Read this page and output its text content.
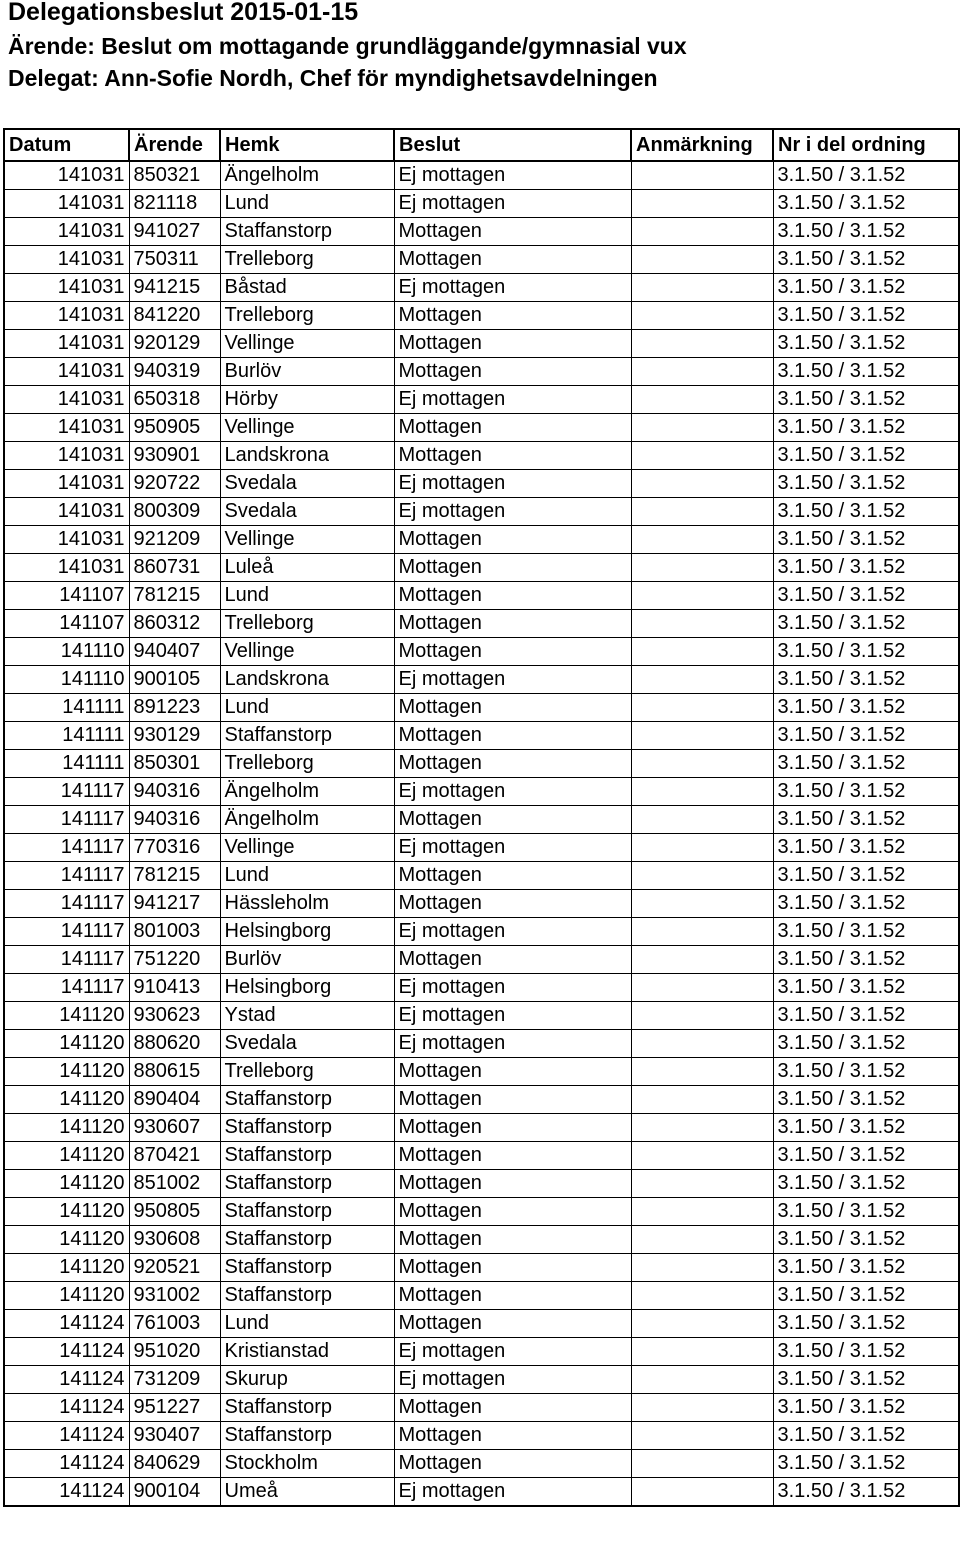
Delegationsbeslut 2015-01-15
Ärende: Beslut om mottagande grundläggande/gymnasial vux
Delegat: Ann-Sofie Nordh, Chef för myndighetsavdelningen
Datum	Ärende	Hemk	Beslut	Anmärkning	Nr i del ordning
141031	850321	Ängelholm	Ej mottagen		3.1.50 / 3.1.52
141031	821118	Lund	Ej mottagen		3.1.50 / 3.1.52
141031	941027	Staffanstorp	Mottagen		3.1.50 / 3.1.52
141031	750311	Trelleborg	Mottagen		3.1.50 / 3.1.52
141031	941215	Båstad	Ej mottagen		3.1.50 / 3.1.52
141031	841220	Trelleborg	Mottagen		3.1.50 / 3.1.52
141031	920129	Vellinge	Mottagen		3.1.50 / 3.1.52
141031	940319	Burlöv	Mottagen		3.1.50 / 3.1.52
141031	650318	Hörby	Ej mottagen		3.1.50 / 3.1.52
141031	950905	Vellinge	Mottagen		3.1.50 / 3.1.52
141031	930901	Landskrona	Mottagen		3.1.50 / 3.1.52
141031	920722	Svedala	Ej mottagen		3.1.50 / 3.1.52
141031	800309	Svedala	Ej mottagen		3.1.50 / 3.1.52
141031	921209	Vellinge	Mottagen		3.1.50 / 3.1.52
141031	860731	Luleå	Mottagen		3.1.50 / 3.1.52
141107	781215	Lund	Mottagen		3.1.50 / 3.1.52
141107	860312	Trelleborg	Mottagen		3.1.50 / 3.1.52
141110	940407	Vellinge	Mottagen		3.1.50 / 3.1.52
141110	900105	Landskrona	Ej mottagen		3.1.50 / 3.1.52
141111	891223	Lund	Mottagen		3.1.50 / 3.1.52
141111	930129	Staffanstorp	Mottagen		3.1.50 / 3.1.52
141111	850301	Trelleborg	Mottagen		3.1.50 / 3.1.52
141117	940316	Ängelholm	Ej mottagen		3.1.50 / 3.1.52
141117	940316	Ängelholm	Mottagen		3.1.50 / 3.1.52
141117	770316	Vellinge	Ej mottagen		3.1.50 / 3.1.52
141117	781215	Lund	Mottagen		3.1.50 / 3.1.52
141117	941217	Hässleholm	Mottagen		3.1.50 / 3.1.52
141117	801003	Helsingborg	Ej mottagen		3.1.50 / 3.1.52
141117	751220	Burlöv	Mottagen		3.1.50 / 3.1.52
141117	910413	Helsingborg	Ej mottagen		3.1.50 / 3.1.52
141120	930623	Ystad	Ej mottagen		3.1.50 / 3.1.52
141120	880620	Svedala	Ej mottagen		3.1.50 / 3.1.52
141120	880615	Trelleborg	Mottagen		3.1.50 / 3.1.52
141120	890404	Staffanstorp	Mottagen		3.1.50 / 3.1.52
141120	930607	Staffanstorp	Mottagen		3.1.50 / 3.1.52
141120	870421	Staffanstorp	Mottagen		3.1.50 / 3.1.52
141120	851002	Staffanstorp	Mottagen		3.1.50 / 3.1.52
141120	950805	Staffanstorp	Mottagen		3.1.50 / 3.1.52
141120	930608	Staffanstorp	Mottagen		3.1.50 / 3.1.52
141120	920521	Staffanstorp	Mottagen		3.1.50 / 3.1.52
141120	931002	Staffanstorp	Mottagen		3.1.50 / 3.1.52
141124	761003	Lund	Mottagen		3.1.50 / 3.1.52
141124	951020	Kristianstad	Ej mottagen		3.1.50 / 3.1.52
141124	731209	Skurup	Ej mottagen		3.1.50 / 3.1.52
141124	951227	Staffanstorp	Mottagen		3.1.50 / 3.1.52
141124	930407	Staffanstorp	Mottagen		3.1.50 / 3.1.52
141124	840629	Stockholm	Mottagen		3.1.50 / 3.1.52
141124	900104	Umeå	Ej mottagen		3.1.50 / 3.1.52
